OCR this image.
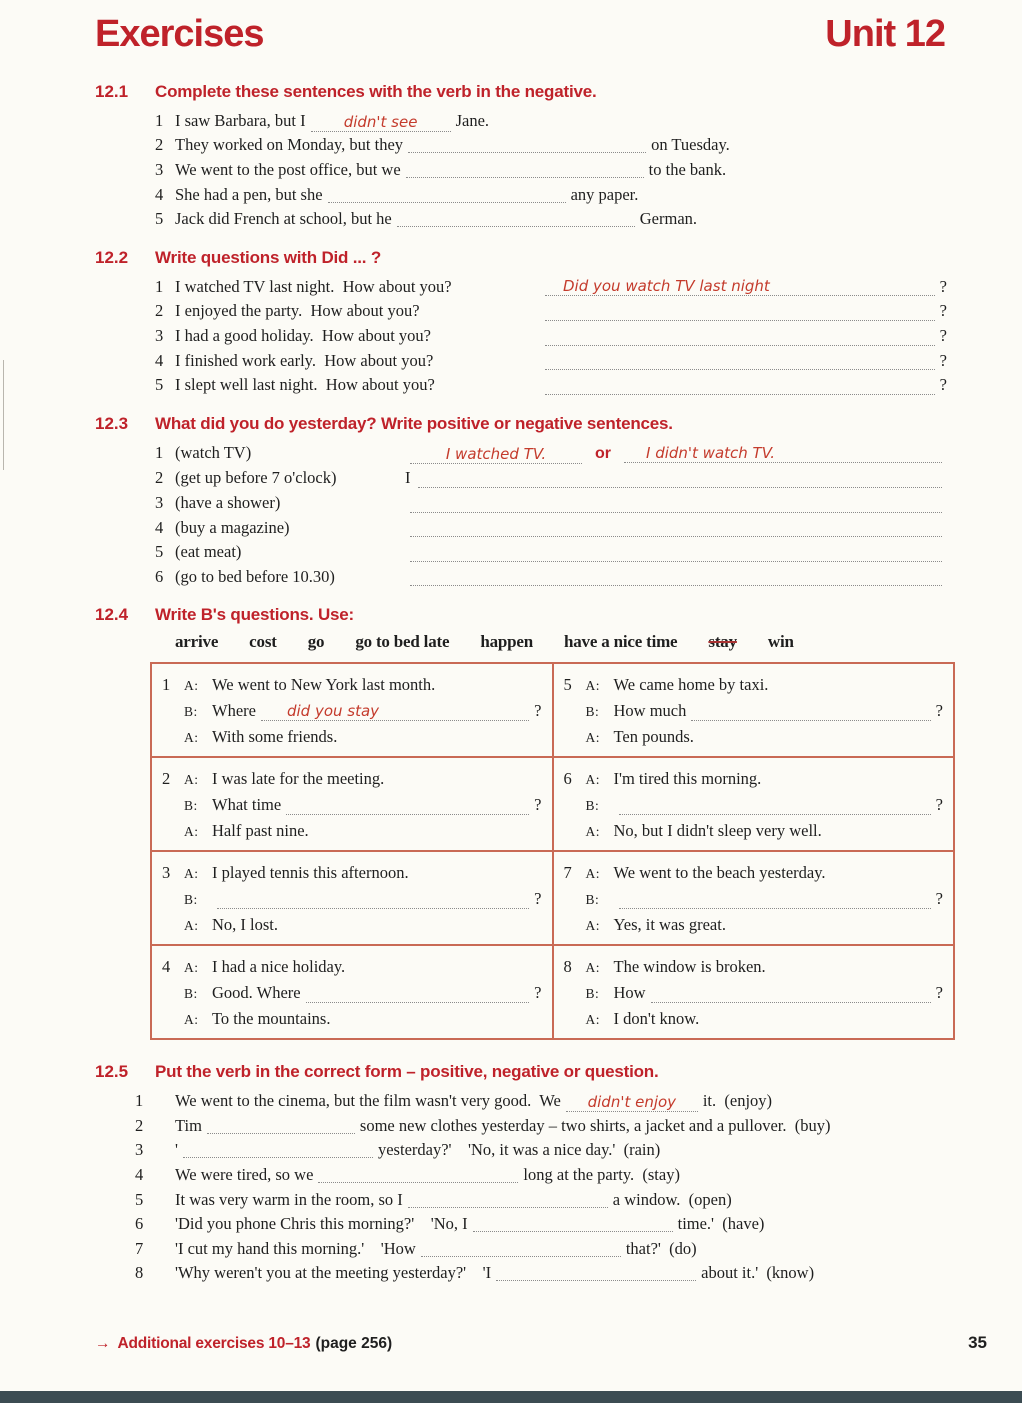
Exercises	Unit 12
12.1	Complete these sentences with the verb in the negative.
1 I saw Barbara, but I	didn't see Jane.
2 They worked on Monday, but they	on Tuesday.
3 We went to the post office, but we	to the bank.
4 She had a pen, but she	any paper.
5 Jack did French at school, but he	German.
12.2	Write questions with Did ... ?
1 I watched TV last night.  How about you?	Did you watch TV last night	?
2 I enjoyed the party.  How about you?	?
3 I had a good holiday.  How about you?	?
4 I finished work early.  How about you?	?
5 I slept well last night.  How about you?	?
12.3	What did you do yesterday? Write positive or negative sentences.
1 (watch TV)	I watched TV.	or	I didn't watch TV.
2 (get up before 7 o'clock)	I
3 (have a shower)
4 (buy a magazine)
5 (eat meat)
6 (go to bed before 10.30)
12.4	Write B's questions. Use:
arrive cost go go to bed late happen have a nice time stay win
1	A: We went to New York last month.
B: Where	did you stay	?
A: With some friends.
5	A: We came home by taxi.
B: How much	?
A: Ten pounds.
2	A: I was late for the meeting.
B: What time	?
A: Half past nine.
6	A: I'm tired this morning.
B:	?
A: No, but I didn't sleep very well.
3	A: I played tennis this afternoon.
B:	?
A: No, I lost.
7	A: We went to the beach yesterday.
B:	?
A: Yes, it was great.
4	A: I had a nice holiday.
B: Good. Where	?
A: To the mountains.
8	A: The window is broken.
B: How	?
A: I don't know.
12.5	Put the verb in the correct form – positive, negative or question.
1 We went to the cinema, but the film wasn't very good.  We didn't enjoy it.  (enjoy)
2 Tim	some new clothes yesterday – two shirts, a jacket and a pullover.  (buy)
3 '	yesterday?'    'No, it was a nice day.'  (rain)
4 We were tired, so we	long at the party.  (stay)
5 It was very warm in the room, so I	a window.  (open)
6 'Did you phone Chris this morning?'    'No, I	time.'  (have)
7 'I cut my hand this morning.'    'How	that?'  (do)
8 'Why weren't you at the meeting yesterday?'    'I	about it.'  (know)
→ Additional exercises 10–13 (page 256)	35
